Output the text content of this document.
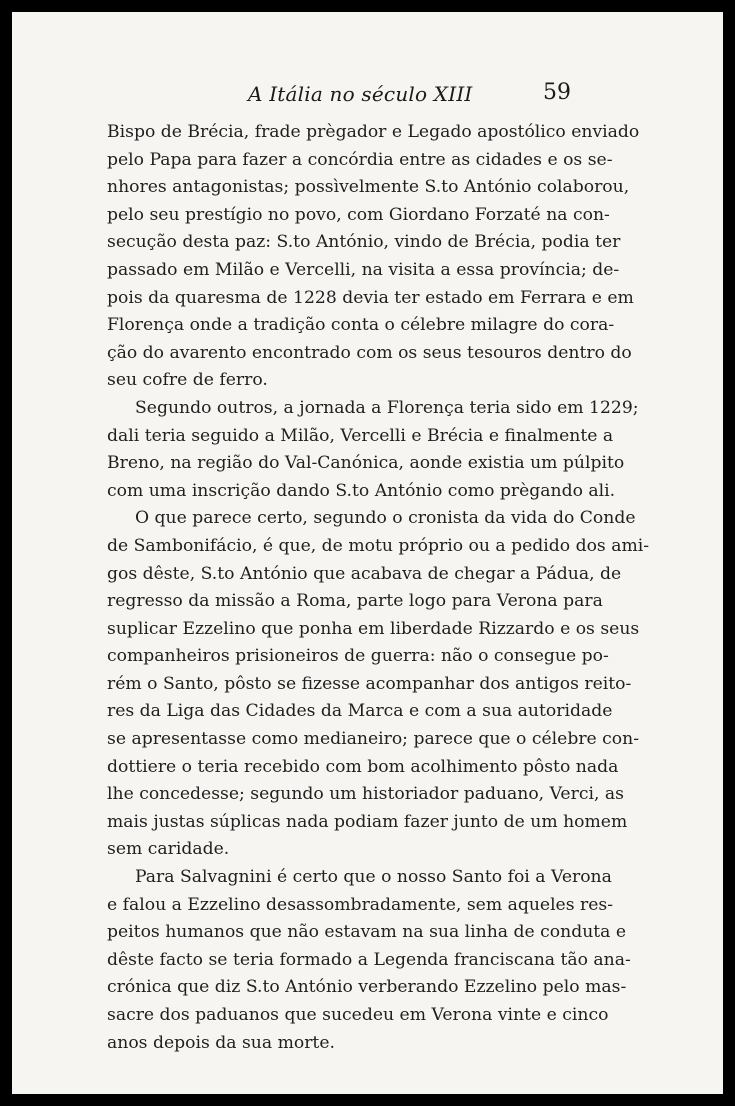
A Itália no século XIII	59

Bispo de Brécia, frade prègador e Legado apostólico enviado
pelo Papa para fazer a concórdia entre as cidades e os se-
nhores antagonistas; possìvelmente S.to António colaborou,
pelo seu prestígio no povo, com Giordano Forzaté na con-
secução desta paz: S.to António, vindo de Brécia, podia ter
passado em Milão e Vercelli, na visita a essa província; de-
pois da quaresma de 1228 devia ter estado em Ferrara e em
Florença onde a tradição conta o célebre milagre do cora-
ção do avarento encontrado com os seus tesouros dentro do
seu cofre de ferro.

Segundo outros, a jornada a Florença teria sido em 1229;
dali teria seguido a Milão, Vercelli e Brécia e finalmente a
Breno, na região do Val-Canónica, aonde existia um púlpito
com uma inscrição dando S.to António como prègando ali.

O que parece certo, segundo o cronista da vida do Conde
de Sambonifácio, é que, de motu próprio ou a pedido dos ami-
gos dêste, S.to António que acabava de chegar a Pádua, de
regresso da missão a Roma, parte logo para Verona para
suplicar Ezzelino que ponha em liberdade Rizzardo e os seus
companheiros prisioneiros de guerra: não o consegue po-
rém o Santo, pôsto se fizesse acompanhar dos antigos reito-
res da Liga das Cidades da Marca e com a sua autoridade
se apresentasse como medianeiro; parece que o célebre con-
dottiere o teria recebido com bom acolhimento pôsto nada
lhe concedesse; segundo um historiador paduano, Verci, as
mais justas súplicas nada podiam fazer junto de um homem
sem caridade.

Para Salvagnini é certo que o nosso Santo foi a Verona
e falou a Ezzelino desassombradamente, sem aqueles res-
peitos humanos que não estavam na sua linha de conduta e
dêste facto se teria formado a Legenda franciscana tão ana-
crónica que diz S.to António verberando Ezzelino pelo mas-
sacre dos paduanos que sucedeu em Verona vinte e cinco
anos depois da sua morte.
